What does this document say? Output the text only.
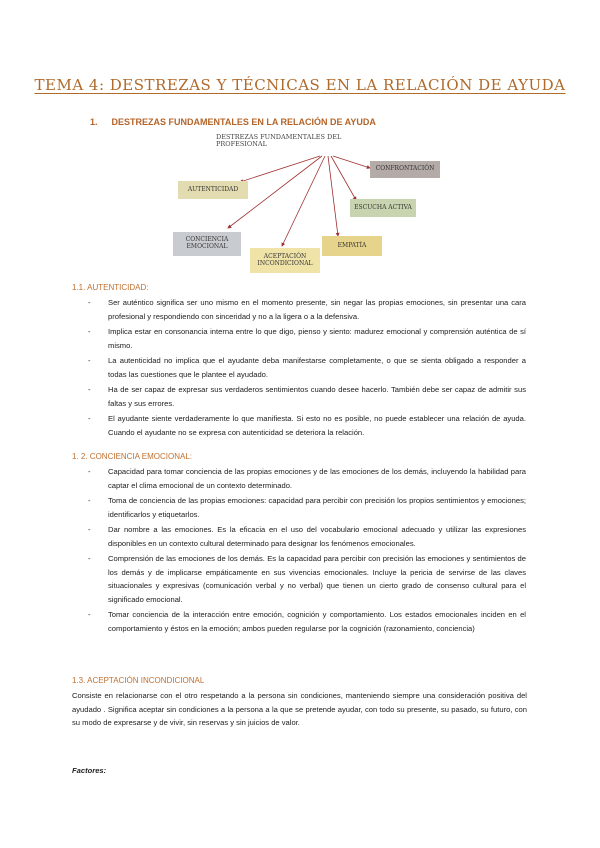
TEMA 4: DESTREZAS Y TÉCNICAS EN LA RELACIÓN DE AYUDA
1. DESTREZAS FUNDAMENTALES EN LA RELACIÓN DE AYUDA
DESTREZAS FUNDAMENTALES DEL PROFESIONAL
AUTENTICIDAD
CONFRONTACIÓN
ESCUCHA ACTIVA
CONCIENCIA EMOCIONAL
ACEPTACIÓN INCONDICIONAL
EMPATÍA
1.1. AUTENTICIDAD:
- Ser auténtico significa ser uno mismo en el momento presente, sin negar las propias emociones, sin presentar una cara profesional y respondiendo con sinceridad y no a la ligera o a la defensiva.
- Implica estar en consonancia interna entre lo que digo, pienso y siento: madurez emocional y comprensión auténtica de sí mismo.
- La autenticidad no implica que el ayudante deba manifestarse completamente, o que se sienta obligado a responder a todas las cuestiones que le plantee el ayudado.
- Ha de ser capaz de expresar sus verdaderos sentimientos cuando desee hacerlo. También debe ser capaz de admitir sus faltas y sus errores.
- El ayudante siente verdaderamente lo que manifiesta. Si esto no es posible, no puede establecer una relación de ayuda. Cuando el ayudante no se expresa con autenticidad se deteriora la relación.
1. 2. CONCIENCIA EMOCIONAL:
- Capacidad para tomar conciencia de las propias emociones y de las emociones de los demás, incluyendo la habilidad para captar el clima emocional de un contexto determinado.
- Toma de conciencia de las propias emociones: capacidad para percibir con precisión los propios sentimientos y emociones; identificarlos y etiquetarlos.
- Dar nombre a las emociones. Es la eficacia en el uso del vocabulario emocional adecuado y utilizar las expresiones disponibles en un contexto cultural determinado para designar los fenómenos emocionales.
- Comprensión de las emociones de los demás. Es la capacidad para percibir con precisión las emociones y sentimientos de los demás y de implicarse empáticamente en sus vivencias emocionales. Incluye la pericia de servirse de las claves situacionales y expresivas (comunicación verbal y no verbal) que tienen un cierto grado de consenso cultural para el significado emocional.
- Tomar conciencia de la interacción entre emoción, cognición y comportamiento. Los estados emocionales inciden en el comportamiento y éstos en la emoción; ambos pueden regularse por la cognición (razonamiento, conciencia)
1.3. ACEPTACIÓN INCONDICIONAL
Consiste en relacionarse con el otro respetando a la persona sin condiciones, manteniendo siempre una consideración positiva del ayudado . Significa aceptar sin condiciones a la persona a la que se pretende ayudar, con todo su presente, su pasado, su futuro, con su modo de expresarse y de vivir, sin reservas y sin juicios de valor.
Factores:
